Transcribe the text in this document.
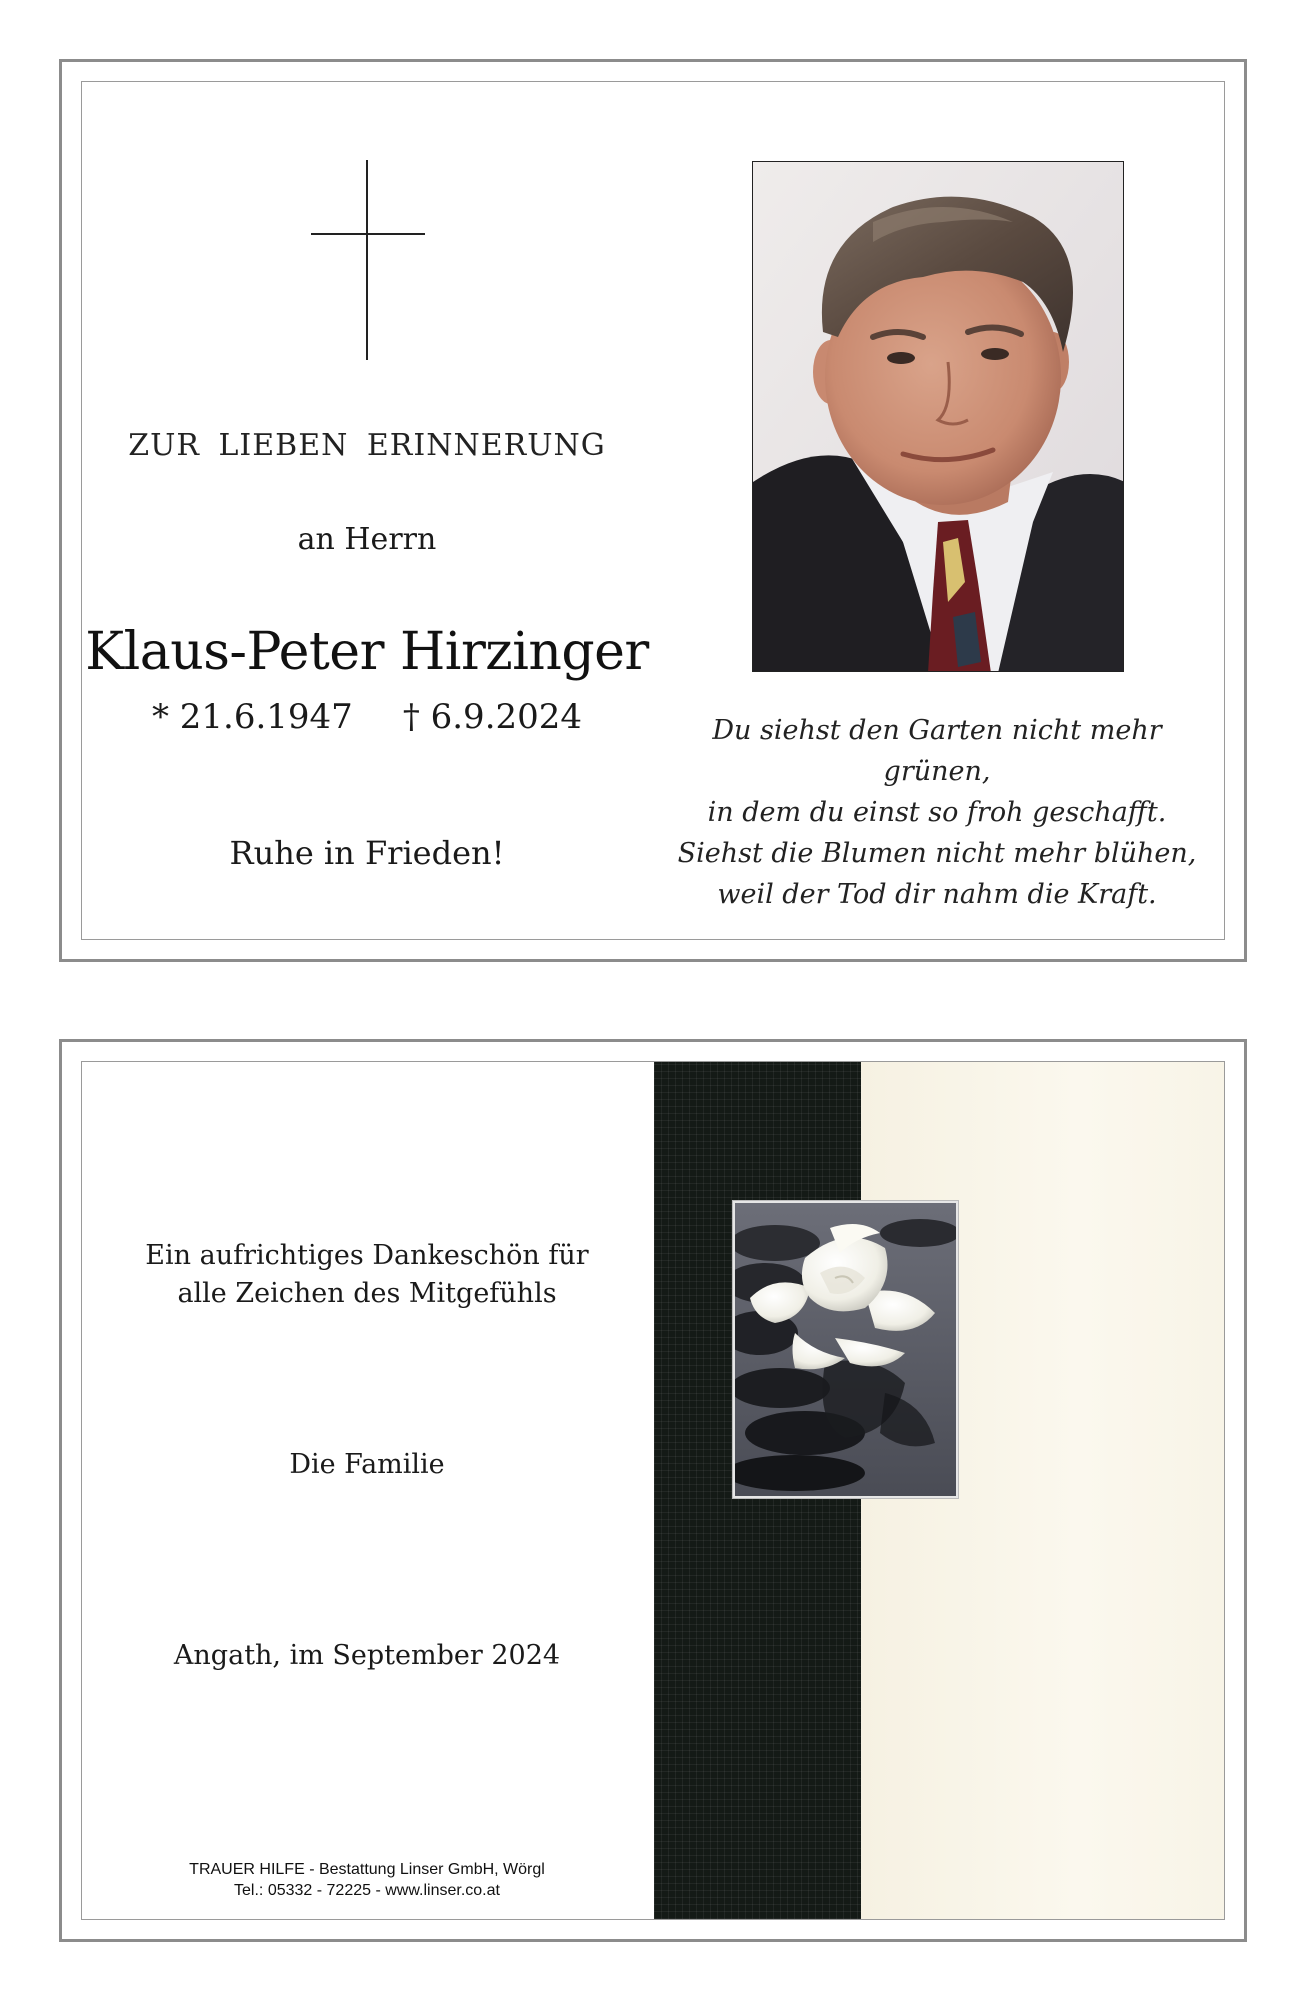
ZUR LIEBEN ERINNERUNG
an Herrn
Klaus-Peter Hirzinger
* 21.6.1947 † 6.9.2024
Ruhe in Frieden!
Du siehst den Garten nicht mehr grünen,
in dem du einst so froh geschafft.
Siehst die Blumen nicht mehr blühen,
weil der Tod dir nahm die Kraft.
Ein aufrichtiges Dankeschön für
alle Zeichen des Mitgefühls
Die Familie
Angath, im September 2024
TRAUER HILFE - Bestattung Linser GmbH, Wörgl
Tel.: 05332 - 72225 - www.linser.co.at
